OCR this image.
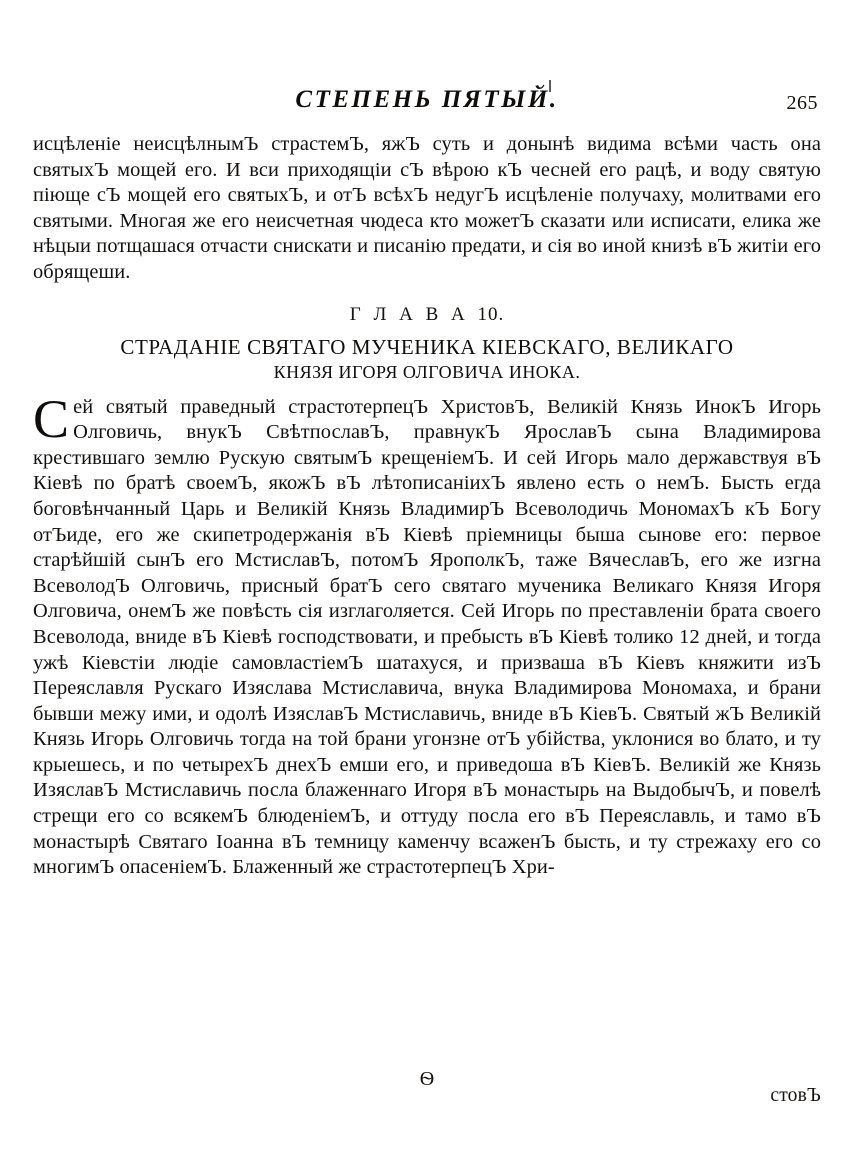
СТЕПЕНЬ ПЯТЫЙ.	265

исцѣленіе неисцѣлнымЪ страстемЪ, яжЪ суть и донынѣ видима всѣми часть она святыхЪ мощей его. И вси приходящіи сЪ вѣрою кЪ чесней его рацѣ, и воду святую піюще сЪ мощей его святыхЪ, и отЪ всѣхЪ недугЪ исцѣленіе получаху, молитвами его святыми. Многая же его неисчетная чюдеса кто можетЪ сказати или исписати, елика же нѣцыи потщашася отчасти снискати и писанію предати, и сія во иной книзѣ вЪ житіи его обрящеши.

Г Л А В А 10.
СТРАДАНІЕ СВЯТАГО МУЧЕНИКА КІЕВСКАГО, ВЕЛИКАГО
КНЯЗЯ ИГОРЯ ОЛГОВИЧА ИНОКА.

Сей святый праведный страстотерпецЪ ХристовЪ, Великій Князь ИнокЪ Игорь Олговичь, внукЪ СвѣтпославЪ, правнукЪ ЯрославЪ сына Владимирова крестившаго землю Рускую святымЪ крещеніемЪ. И сей Игорь мало державствуя вЪ Кіевѣ по братѣ своемЪ, якожЪ вЪ лѣтописаніихЪ явлено есть о немЪ. Бысть егда боговѣнчанный Царь и Великій Князь ВладимирЪ Всеволодичь МономахЪ кЪ Богу отЪиде, его же скипетродержанія вЪ Кіевѣ пріемницы быша сынове его: первое старѣйшій сынЪ его МстиславЪ, потомЪ ЯрополкЪ, таже ВячеславЪ, его же изгна ВсеволодЪ Олговичь, присный братЪ сего святаго мученика Великаго Князя Игоря Олговича, онемЪ же повѣсть сія изглаголяется. Сей Игорь по преставленіи брата своего Всеволода, вниде вЪ Кіевѣ господствовати, и пребысть вЪ Кіевѣ толико 12 дней, и тогда ужѣ Кіевстіи людіе самовластіемЪ шатахуся, и призваша вЪ Кіевъ княжити изЪ Переяславля Рускаго Изяслава Мстиславича, внука Владимирова Мономаха, и брани бывши межу ими, и одолѣ ИзяславЪ Мстиславичь, вниде вЪ КіевЪ. Святый жЪ Великій Князь Игорь Олговичь тогда на той брани угонзне отЪ убійства, уклонися во блато, и ту крыешесь, и по четырехЪ днехЪ емши его, и приведоша вЪ КіевЪ. Великій же Князь ИзяславЪ Мстиславичь посла блаженнаго Игоря вЪ монастырь на ВыдобычЪ, и повелѣ стрещи его со всякемЪ блюденіемЪ, и оттуду посла его вЪ Переяславль, и тамо вЪ монастырѣ Святаго Іоанна вЪ темницу каменчу всаженЪ бысть, и ту стрежаху его со многимЪ опасеніемЪ. Блаженный же страстотерпецЪ Хри-

Ѳ
стовЪ
